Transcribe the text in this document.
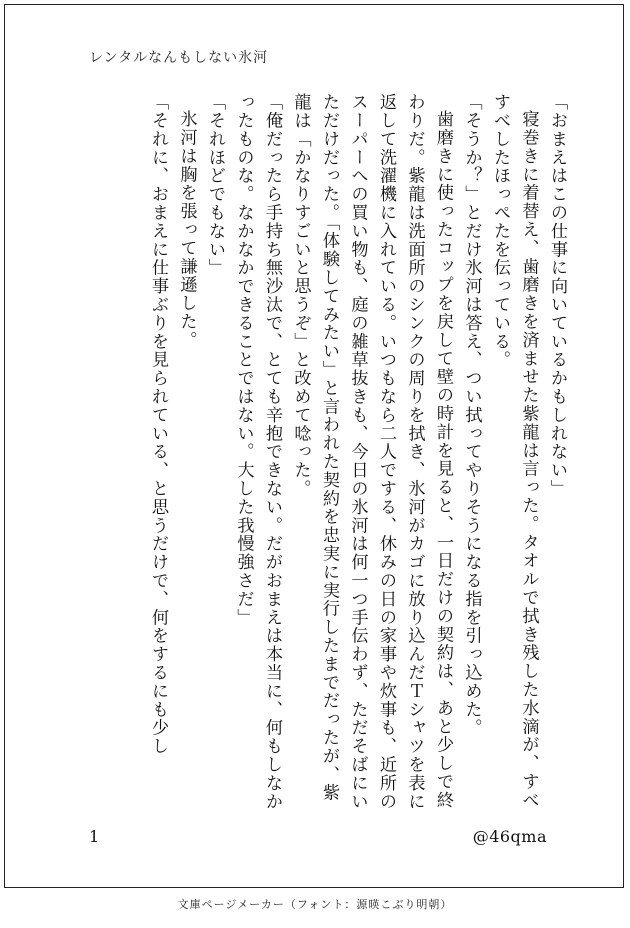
レンタルなんもしない氷河

「おまえはこの仕事に向いているかもしれない」

寝巻きに着替え、歯磨きを済ませた紫龍は言った。タオルで拭き残した水滴が、すべすべしたほっぺたを伝っている。

「そうか？」とだけ氷河は答え、つい拭ってやりそうになる指を引っ込めた。

歯磨きに使ったコップを戻して壁の時計を見ると、一日だけの契約は、あと少しで終わりだ。紫龍は洗面所のシンクの周りを拭き、氷河がカゴに放り込んだＴシャツを表に返して洗濯機に入れている。いつもなら二人でする、休みの日の家事や炊事も、近所のスーパーへの買い物も、庭の雑草抜きも、今日の氷河は何一つ手伝わず、ただそばにいただけだった。「体験してみたい」と言われた契約を忠実に実行したまでだったが、紫龍は「かなりすごいと思うぞ」と改めて唸った。

「俺だったら手持ち無沙汰で、とても辛抱できない。だがおまえは本当に、何もしなかったものな。なかなかできることではない。大した我慢強さだ」

「それほどでもない」

氷河は胸を張って謙遜した。

「それに、おまえに仕事ぶりを見られている、と思うだけで、何をするにも少し

1	@46qma
文庫ページメーカー（フォント：源暎こぶり明朝）
